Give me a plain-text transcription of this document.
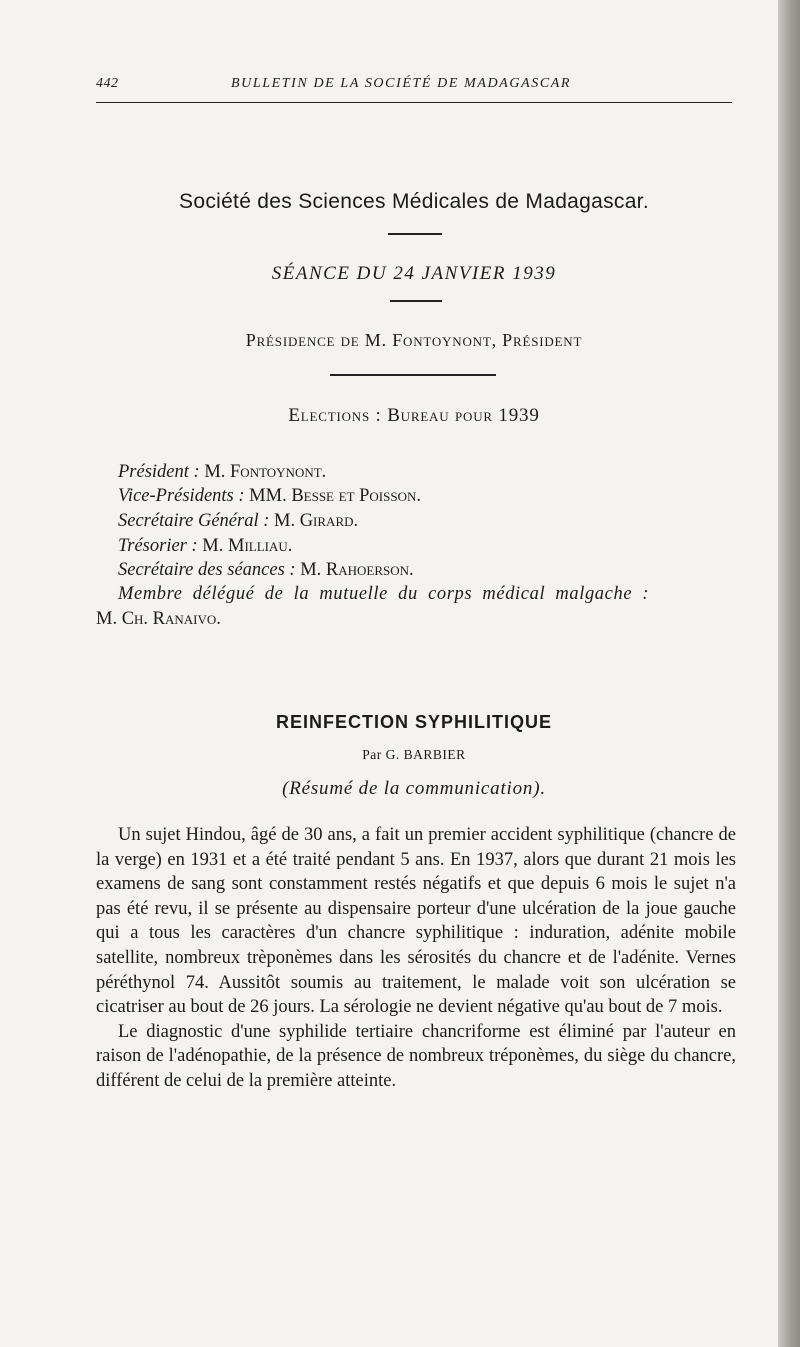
442	BULLETIN DE LA SOCIÉTÉ DE MADAGASCAR
Société des Sciences Médicales de Madagascar.
SÉANCE DU 24 JANVIER 1939
Présidence de M. Fontoynont, Président
Elections : Bureau pour 1939
Président : M. Fontoynont.
Vice-Présidents : MM. Besse et Poisson.
Secrétaire Général : M. Girard.
Trésorier : M. Milliau.
Secrétaire des séances : M. Rahoerson.
Membre délégué de la mutuelle du corps médical malgache :
M. Ch. Ranaivo.
REINFECTION SYPHILITIQUE
Par G. BARBIER
(Résumé de la communication).

Un sujet Hindou, âgé de 30 ans, a fait un premier accident syphilitique (chancre de la verge) en 1931 et a été traité pendant 5 ans. En 1937, alors que durant 21 mois les examens de sang sont constamment restés négatifs et que depuis 6 mois le sujet n'a pas été revu, il se présente au dispensaire porteur d'une ulcération de la joue gauche qui a tous les caractères d'un chancre syphilitique : induration, adénite mobile satellite, nombreux trèponèmes dans les sérosités du chancre et de l'adénite. Vernes péréthynol 74. Aussitôt soumis au traitement, le malade voit son ulcération se cicatriser au bout de 26 jours. La sérologie ne devient négative qu'au bout de 7 mois.

Le diagnostic d'une syphilide tertiaire chancriforme est éliminé par l'auteur en raison de l'adénopathie, de la présence de nombreux tréponèmes, du siège du chancre, différent de celui de la première atteinte.
